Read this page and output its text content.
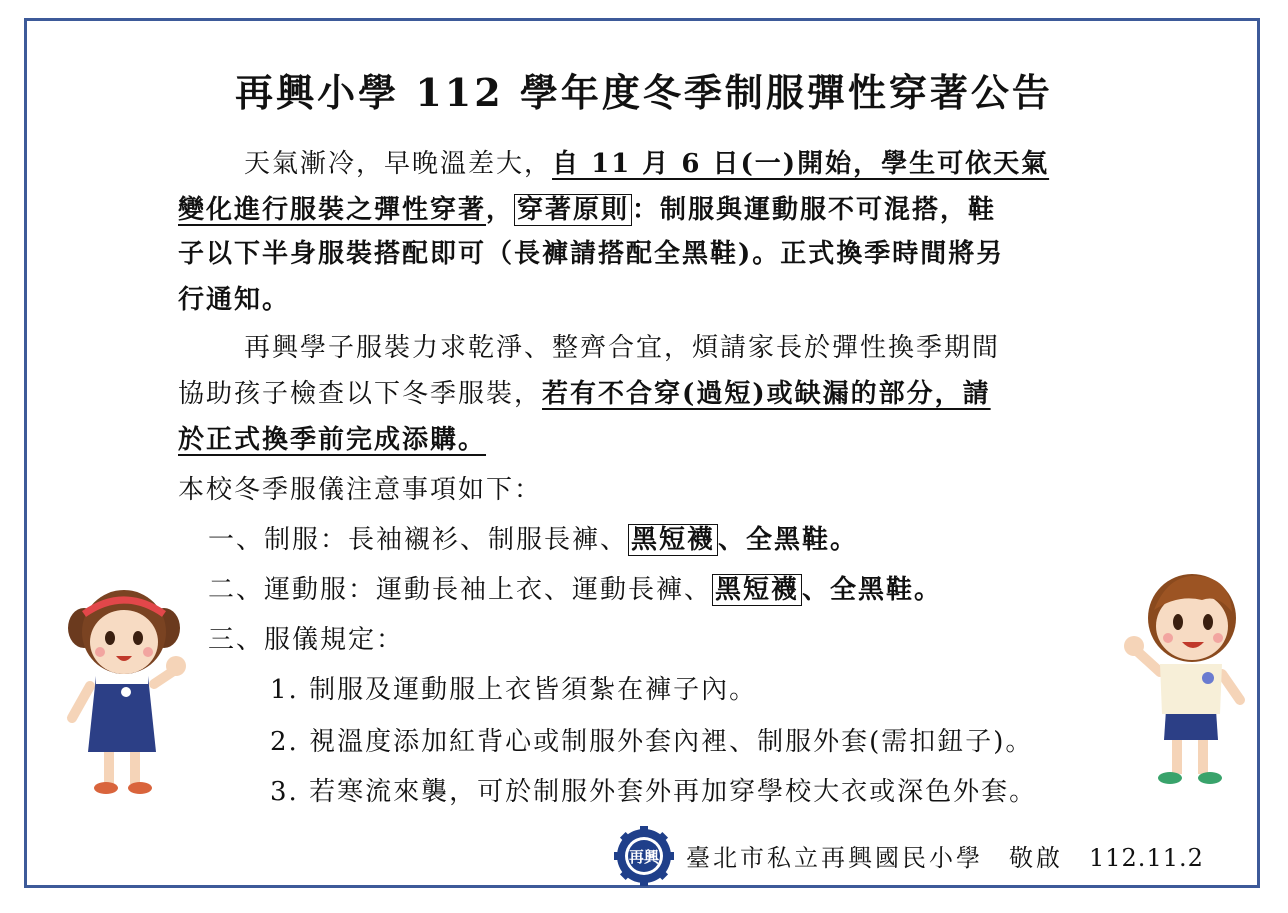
再興小學 112 學年度冬季制服彈性穿著公告
天氣漸冷，早晚溫差大，自 11 月 6 日(一)開始，學生可依天氣
變化進行服裝之彈性穿著， 穿著原則 ：制服與運動服不可混搭，鞋
子以下半身服裝搭配即可（長褲請搭配全黑鞋)。正式換季時間將另
行通知。
再興學子服裝力求乾淨、整齊合宜，煩請家長於彈性換季期間
協助孩子檢查以下冬季服裝，若有不合穿(過短)或缺漏的部分，請
於正式換季前完成添購。
本校冬季服儀注意事項如下：
一、制服：長袖襯衫、制服長褲、 黑短襪 、全黑鞋。
二、運動服：運動長袖上衣、運動長褲、 黑短襪 、全黑鞋。
三、服儀規定：
1. 制服及運動服上衣皆須紮在褲子內。
2. 視溫度添加紅背心或制服外套內裡、制服外套(需扣鈕子)。
3. 若寒流來襲，可於制服外套外再加穿學校大衣或深色外套。
再興 臺北市私立再興國民小學 敬啟 112.11.2
